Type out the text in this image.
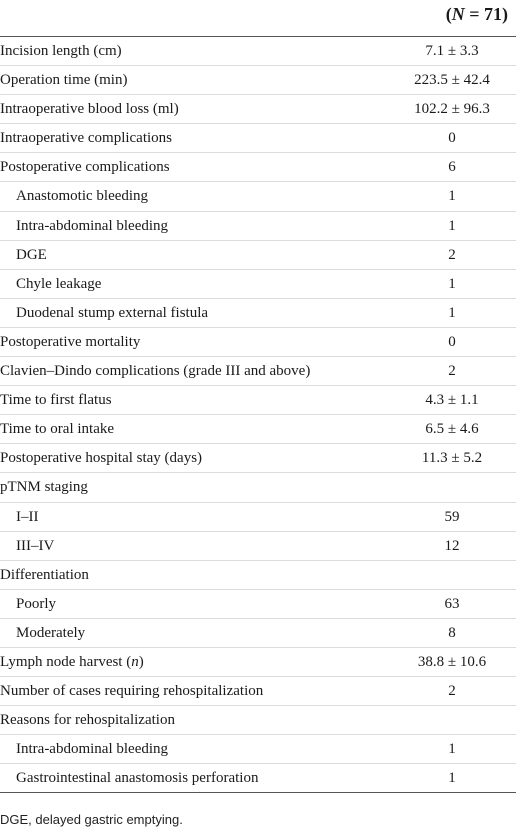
(N = 71)
Incision length (cm)	7.1 ± 3.3
Operation time (min)	223.5 ± 42.4
Intraoperative blood loss (ml)	102.2 ± 96.3
Intraoperative complications	0
Postoperative complications	6
Anastomotic bleeding	1
Intra-abdominal bleeding	1
DGE	2
Chyle leakage	1
Duodenal stump external fistula	1
Postoperative mortality	0
Clavien–Dindo complications (grade III and above)	2
Time to first flatus	4.3 ± 1.1
Time to oral intake	6.5 ± 4.6
Postoperative hospital stay (days)	11.3 ± 5.2
pTNM staging
I–II	59
III–IV	12
Differentiation
Poorly	63
Moderately	8
Lymph node harvest (n)	38.8 ± 10.6
Number of cases requiring rehospitalization	2
Reasons for rehospitalization
Intra-abdominal bleeding	1
Gastrointestinal anastomosis perforation	1
DGE, delayed gastric emptying.
